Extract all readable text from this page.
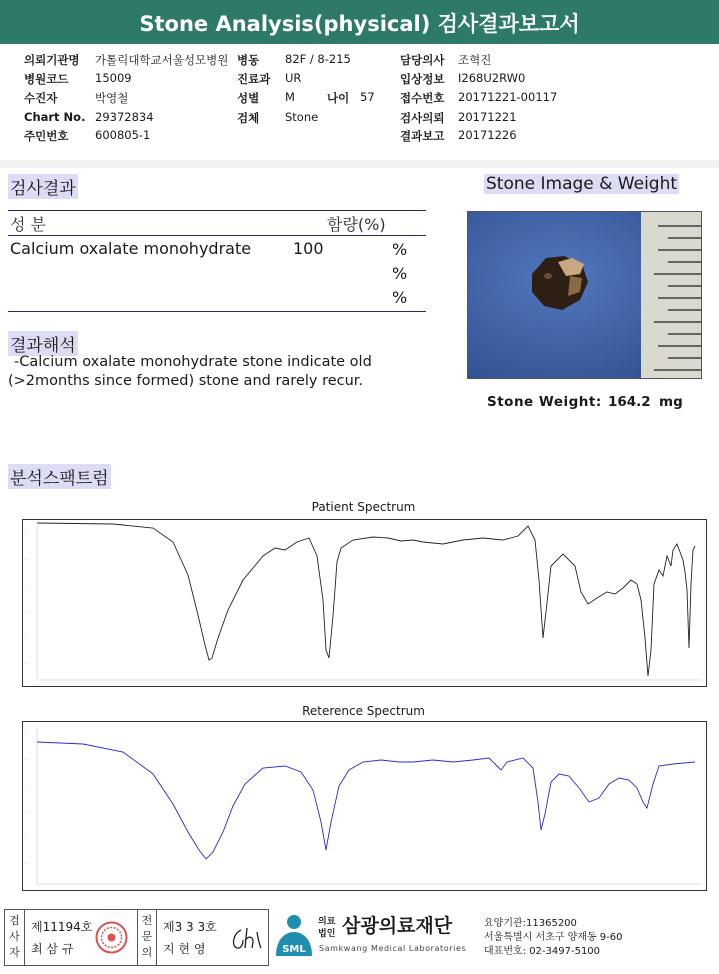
Stone Analysis(physical) 검사결과보고서
의뢰기관명 가톨릭대학교서울성모병원
병원코드 15009
수진자	박영철
Chart No. 29372834
주민번호 600805-1
병동 82F / 8-215
진료과 UR
성별 M	나이 57
검체 Stone
담당의사 조혁진
입상정보 I268U2RW0
접수번호 20171221-00117
검사의뢰 20171221
결과보고 20171226
검사결과
성 분	함량(%)
Calcium oxalate monohydrate	100	%
%
%
결과해석
-Calcium oxalate monohydrate stone indicate old
(>2months since formed) stone and rarely recur.
Stone Image & Weight
Stone Weight: 164.2 mg
분석스팩트럼
Patient Spectrum
~
~
~
~
~
~
Reterence Spectrum
~
~
~
~
~
~
검사자
제11194호
최 삼 규
전문의
제3 3 3호
지 현 영	SML
의료
법인 삼광의료재단
Samkwang Medical Laboratories
요양기관:11365200
서울특별시 서초구 양재동 9-60
대표번호: 02-3497-5100
